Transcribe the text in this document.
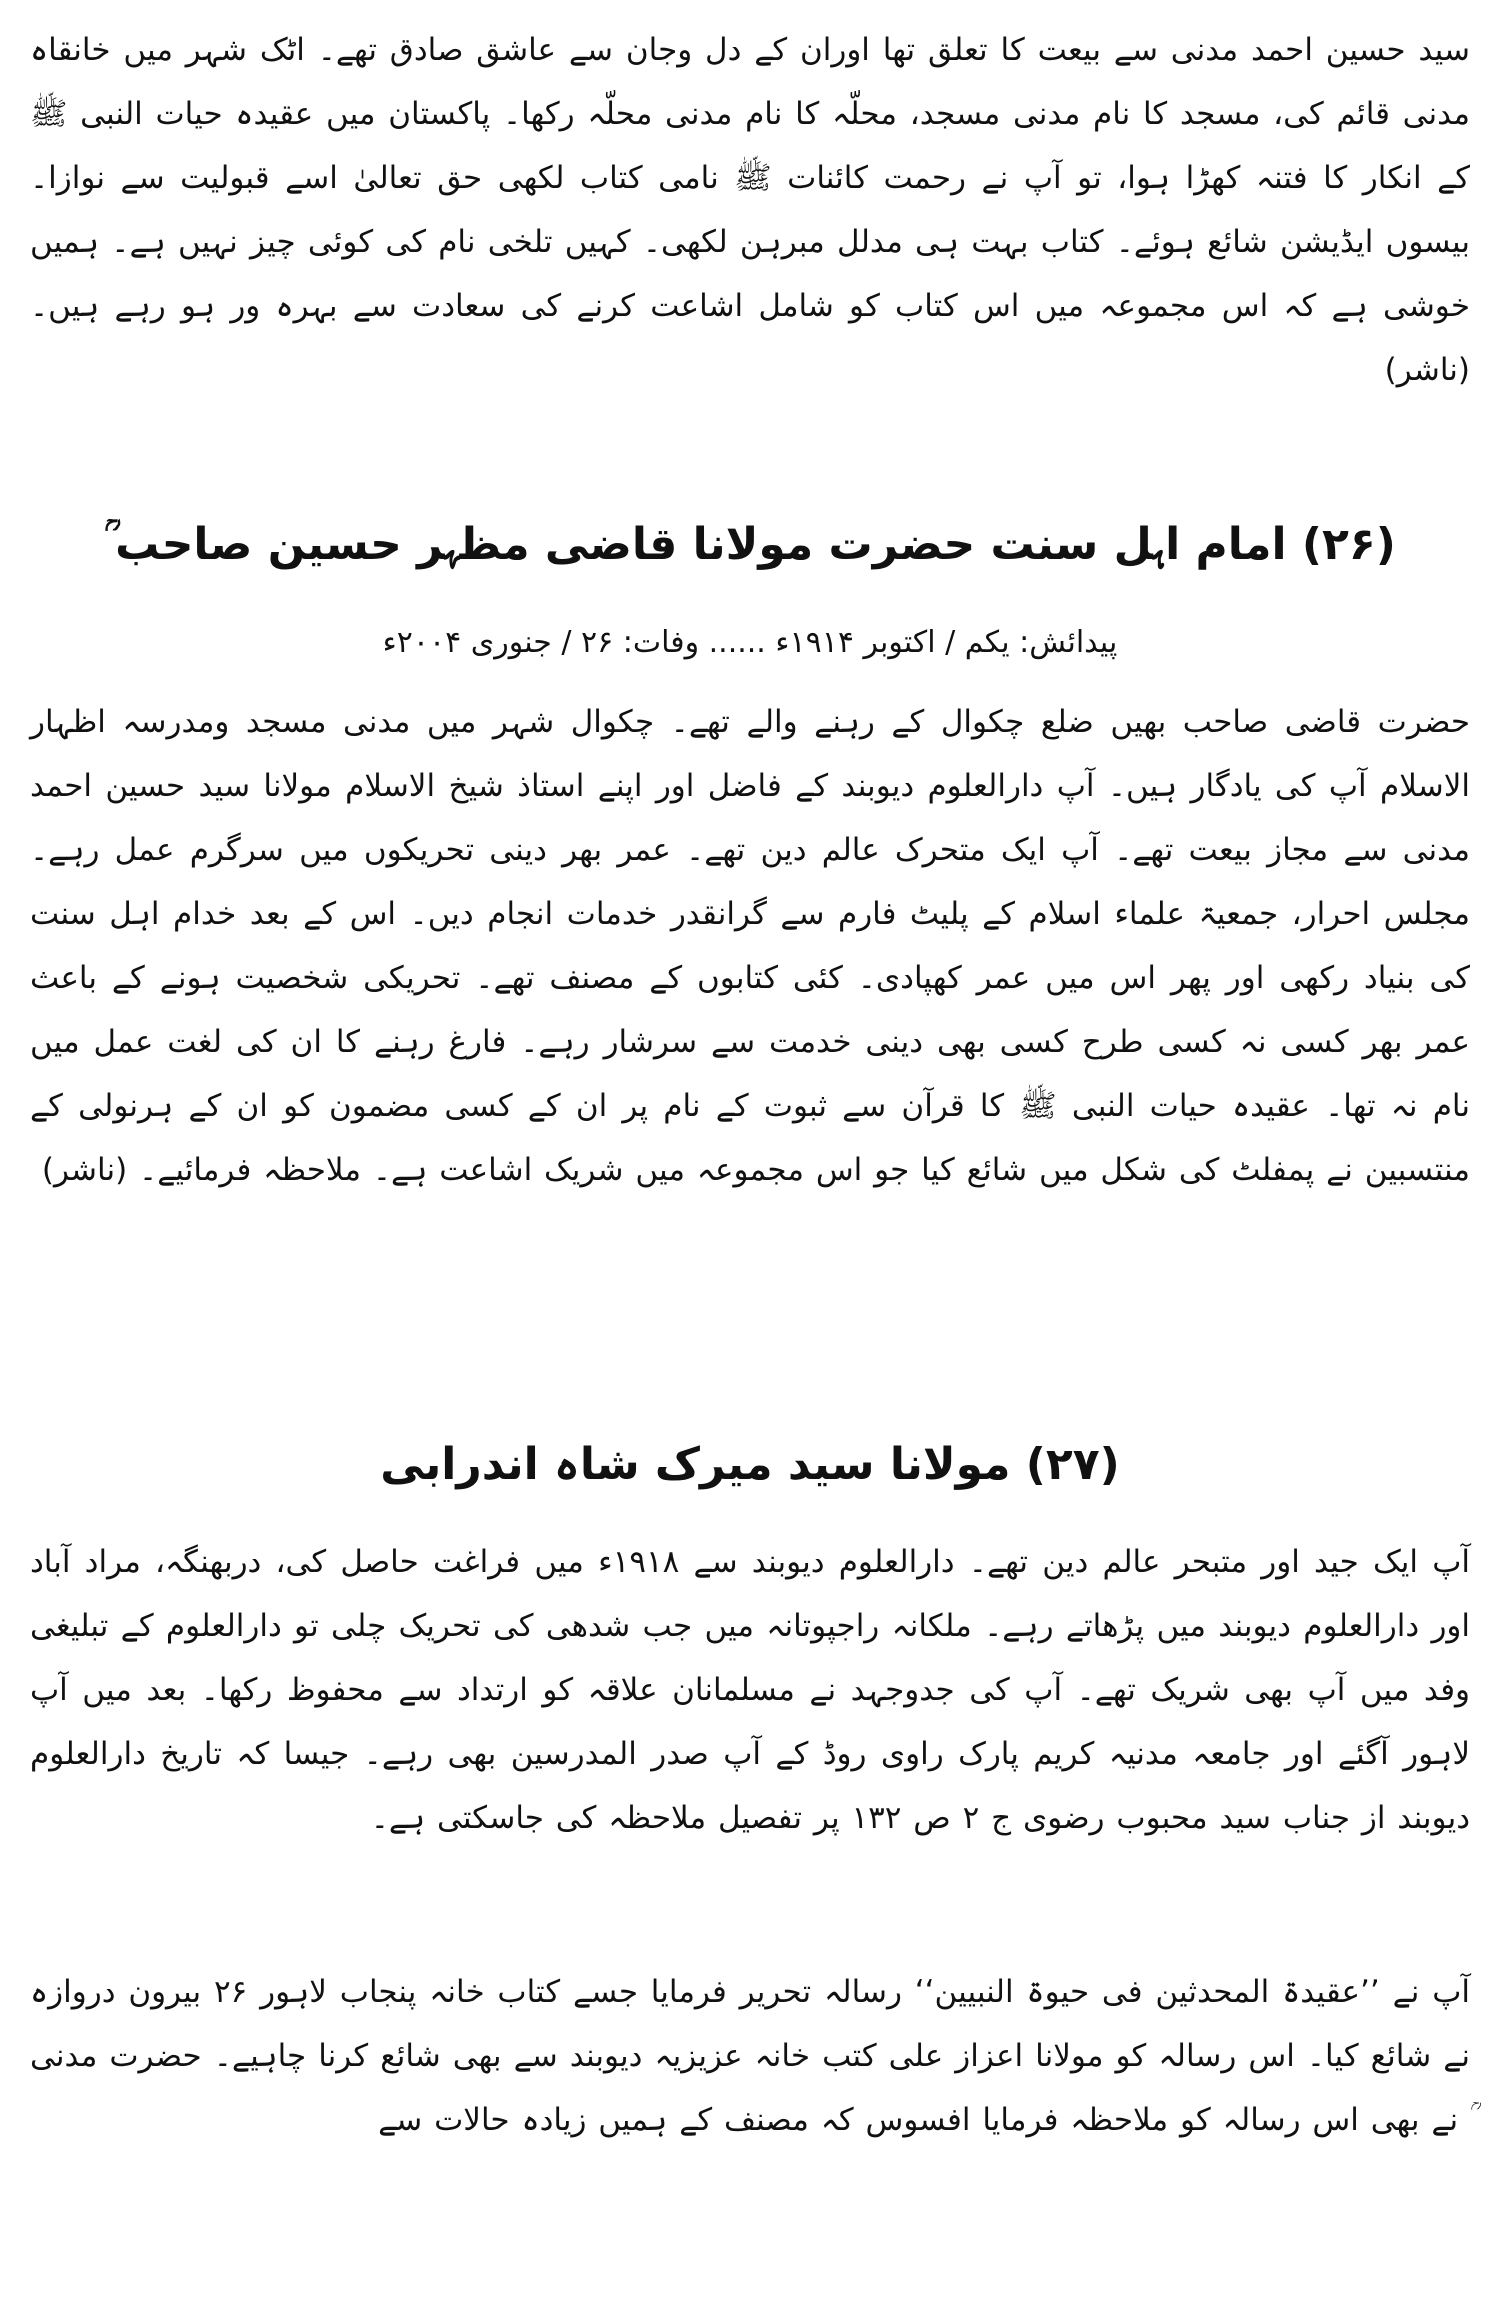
سید حسین احمد مدنی سے بیعت کا تعلق تھا اوران کے دل وجان سے عاشق صادق تھے۔ اٹک شہر میں خانقاہ مدنی قائم کی، مسجد کا نام مدنی مسجد، محلّہ کا نام مدنی محلّہ رکھا۔ پاکستان میں عقیدہ حیات النبی ﷺ کے انکار کا فتنہ کھڑا ہوا، تو آپ نے رحمت کائنات ﷺ نامی کتاب لکھی حق تعالیٰ اسے قبولیت سے نوازا۔ بیسوں ایڈیشن شائع ہوئے۔ کتاب بہت ہی مدلل مبرہن لکھی۔ کہیں تلخی نام کی کوئی چیز نہیں ہے۔ ہمیں خوشی ہے کہ اس مجموعہ میں اس کتاب کو شامل اشاعت کرنے کی سعادت سے بہرہ ور ہو رہے ہیں۔ (ناشر)

(۲۶) امام اہل سنت حضرت مولانا قاضی مظہر حسین صاحب ؒ
پیدائش: یکم / اکتوبر ۱۹۱۴ء ...... وفات: ۲۶ / جنوری ۲۰۰۴ء

حضرت قاضی صاحب بھیں ضلع چکوال کے رہنے والے تھے۔ چکوال شہر میں مدنی مسجد ومدرسہ اظہار الاسلام آپ کی یادگار ہیں۔ آپ دارالعلوم دیوبند کے فاضل اور اپنے استاذ شیخ الاسلام مولانا سید حسین احمد مدنی سے مجاز بیعت تھے۔ آپ ایک متحرک عالم دین تھے۔ عمر بھر دینی تحریکوں میں سرگرم عمل رہے۔ مجلس احرار، جمعیۃ علماء اسلام کے پلیٹ فارم سے گرانقدر خدمات انجام دیں۔ اس کے بعد خدام اہل سنت کی بنیاد رکھی اور پھر اس میں عمر کھپادی۔ کئی کتابوں کے مصنف تھے۔ تحریکی شخصیت ہونے کے باعث عمر بھر کسی نہ کسی طرح کسی بھی دینی خدمت سے سرشار رہے۔ فارغ رہنے کا ان کی لغت عمل میں نام نہ تھا۔ عقیدہ حیات النبی ﷺ کا قرآن سے ثبوت کے نام پر ان کے کسی مضمون کو ان کے ہرنولی کے منتسبین نے پمفلٹ کی شکل میں شائع کیا جو اس مجموعہ میں شریک اشاعت ہے۔ ملاحظہ فرمائیے۔ (ناشر)

(۲۷) مولانا سید میرک شاہ اندرابی

آپ ایک جید اور متبحر عالم دین تھے۔ دارالعلوم دیوبند سے ۱۹۱۸ء میں فراغت حاصل کی، دربھنگہ، مراد آباد اور دارالعلوم دیوبند میں پڑھاتے رہے۔ ملکانہ راجپوتانہ میں جب شدھی کی تحریک چلی تو دارالعلوم کے تبلیغی وفد میں آپ بھی شریک تھے۔ آپ کی جدوجہد نے مسلمانان علاقہ کو ارتداد سے محفوظ رکھا۔ بعد میں آپ لاہور آگئے اور جامعہ مدنیہ کریم پارک راوی روڈ کے آپ صدر المدرسین بھی رہے۔ جیسا کہ تاریخ دارالعلوم دیوبند از جناب سید محبوب رضوی ج ۲ ص ۱۳۲ پر تفصیل ملاحظہ کی جاسکتی ہے۔

آپ نے ’’عقیدۃ المحدثین فی حیوۃ النبیین‘‘ رسالہ تحریر فرمایا جسے کتاب خانہ پنجاب لاہور ۲۶ بیرون دروازہ نے شائع کیا۔ اس رسالہ کو مولانا اعزاز علی کتب خانہ عزیزیہ دیوبند سے بھی شائع کرنا چاہیے۔ حضرت مدنی ؒ نے بھی اس رسالہ کو ملاحظہ فرمایا افسوس کہ مصنف کے ہمیں زیادہ حالات سے
